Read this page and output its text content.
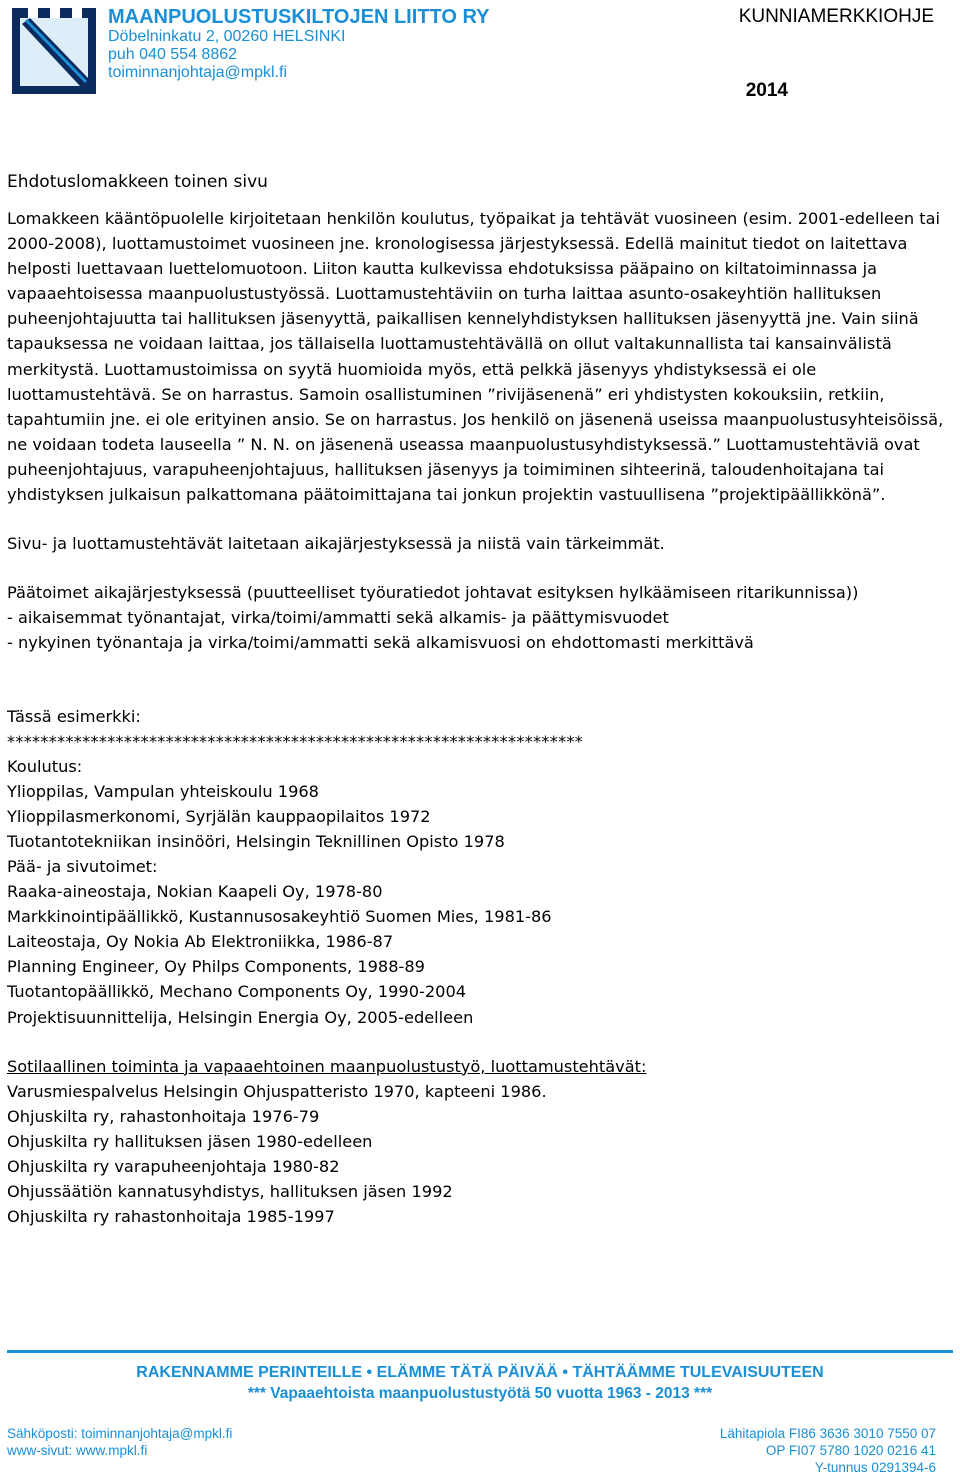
MAANPUOLUSTUSKILTOJEN LIITTO RY
Döbelninkatu 2, 00260 HELSINKI
puh 040 554 8862
toiminnanjohtaja@mpkl.fi
KUNNIAMERKKIOHJE
2014
Ehdotuslomakkeen toinen sivu
Lomakkeen kääntöpuolelle kirjoitetaan henkilön koulutus, työpaikat ja tehtävät vuosineen (esim. 2001-edelleen tai 2000-2008), luottamustoimet vuosineen jne. kronologisessa järjestyksessä. Edellä mainitut tiedot on laitettava helposti luettavaan luettelomuotoon. Liiton kautta kulkevissa ehdotuksissa pääpaino on kiltatoiminnassa ja vapaaehtoisessa maanpuolustustyössä. Luottamustehtäviin on turha laittaa asunto-osakeyhtiön hallituksen puheenjohtajuutta tai hallituksen jäsenyyttä, paikallisen kennelyhdistyksen hallituksen jäsenyyttä jne. Vain siinä tapauksessa ne voidaan laittaa, jos tällaisella luottamustehtävällä on ollut valtakunnallista tai kansainvälistä merkitystä. Luottamustoimissa on syytä huomioida myös, että pelkkä jäsenyys yhdistyksessä ei ole luottamustehtävä. Se on harrastus. Samoin osallistuminen ”rivijäsenenä” eri yhdistysten kokouksiin, retkiin, tapahtumiin jne. ei ole erityinen ansio. Se on harrastus. Jos henkilö on jäsenenä useissa maanpuolustusyhteisöissä, ne voidaan todeta lauseella ” N. N. on jäsenenä useassa maanpuolustusyhdistyksessä.” Luottamustehtäviä ovat puheenjohtajuus, varapuheenjohtajuus, hallituksen jäsenyys ja toimiminen sihteerinä, taloudenhoitajana tai yhdistyksen julkaisun palkattomana päätoimittajana tai jonkun projektin vastuullisena ”projektipäällikkönä”.
Sivu- ja luottamustehtävät laitetaan aikajärjestyksessä ja niistä vain tärkeimmät.
Päätoimet aikajärjestyksessä (puutteelliset työuratiedot johtavat esityksen hylkäämiseen ritarikunnissa))
- aikaisemmat työnantajat, virka/toimi/ammatti sekä alkamis- ja päättymisvuodet
- nykyinen työnantaja ja virka/toimi/ammatti sekä alkamisvuosi on ehdottomasti merkittävä
Tässä esimerkki:
*********************************************************************
Koulutus:
Ylioppilas, Vampulan yhteiskoulu 1968
Ylioppilasmerkonomi, Syrjälän kauppaopilaitos 1972
Tuotantotekniikan insinööri, Helsingin Teknillinen Opisto 1978
Pää- ja sivutoimet:
Raaka-aineostaja, Nokian Kaapeli Oy, 1978-80
Markkinointipäällikkö, Kustannusosakeyhtiö Suomen Mies, 1981-86
Laiteostaja, Oy Nokia Ab Elektroniikka, 1986-87
Planning Engineer, Oy Philps Components, 1988-89
Tuotantopäällikkö, Mechano Components Oy, 1990-2004
Projektisuunnittelija, Helsingin Energia Oy, 2005-edelleen
Sotilaallinen toiminta ja vapaaehtoinen maanpuolustustyö, luottamustehtävät:
Varusmiespalvelus Helsingin Ohjuspatteristo 1970, kapteeni 1986.
Ohjuskilta ry, rahastonhoitaja 1976-79
Ohjuskilta ry hallituksen jäsen 1980-edelleen
Ohjuskilta ry varapuheenjohtaja 1980-82
Ohjussäätiön kannatusyhdistys, hallituksen jäsen 1992
Ohjuskilta ry rahastonhoitaja 1985-1997
RAKENNAMME PERINTEILLE • ELÄMME TÄTÄ PÄIVÄÄ • TÄHTÄÄMME TULEVAISUUTEEN
*** Vapaaehtoista maanpuolustustyötä 50 vuotta 1963 - 2013 ***
Sähköposti: toiminnanjohtaja@mpkl.fi
www-sivut: www.mpkl.fi
Lähitapiola FI86 3636 3010 7550 07
OP FI07 5780 1020 0216 41
Y-tunnus 0291394-6
